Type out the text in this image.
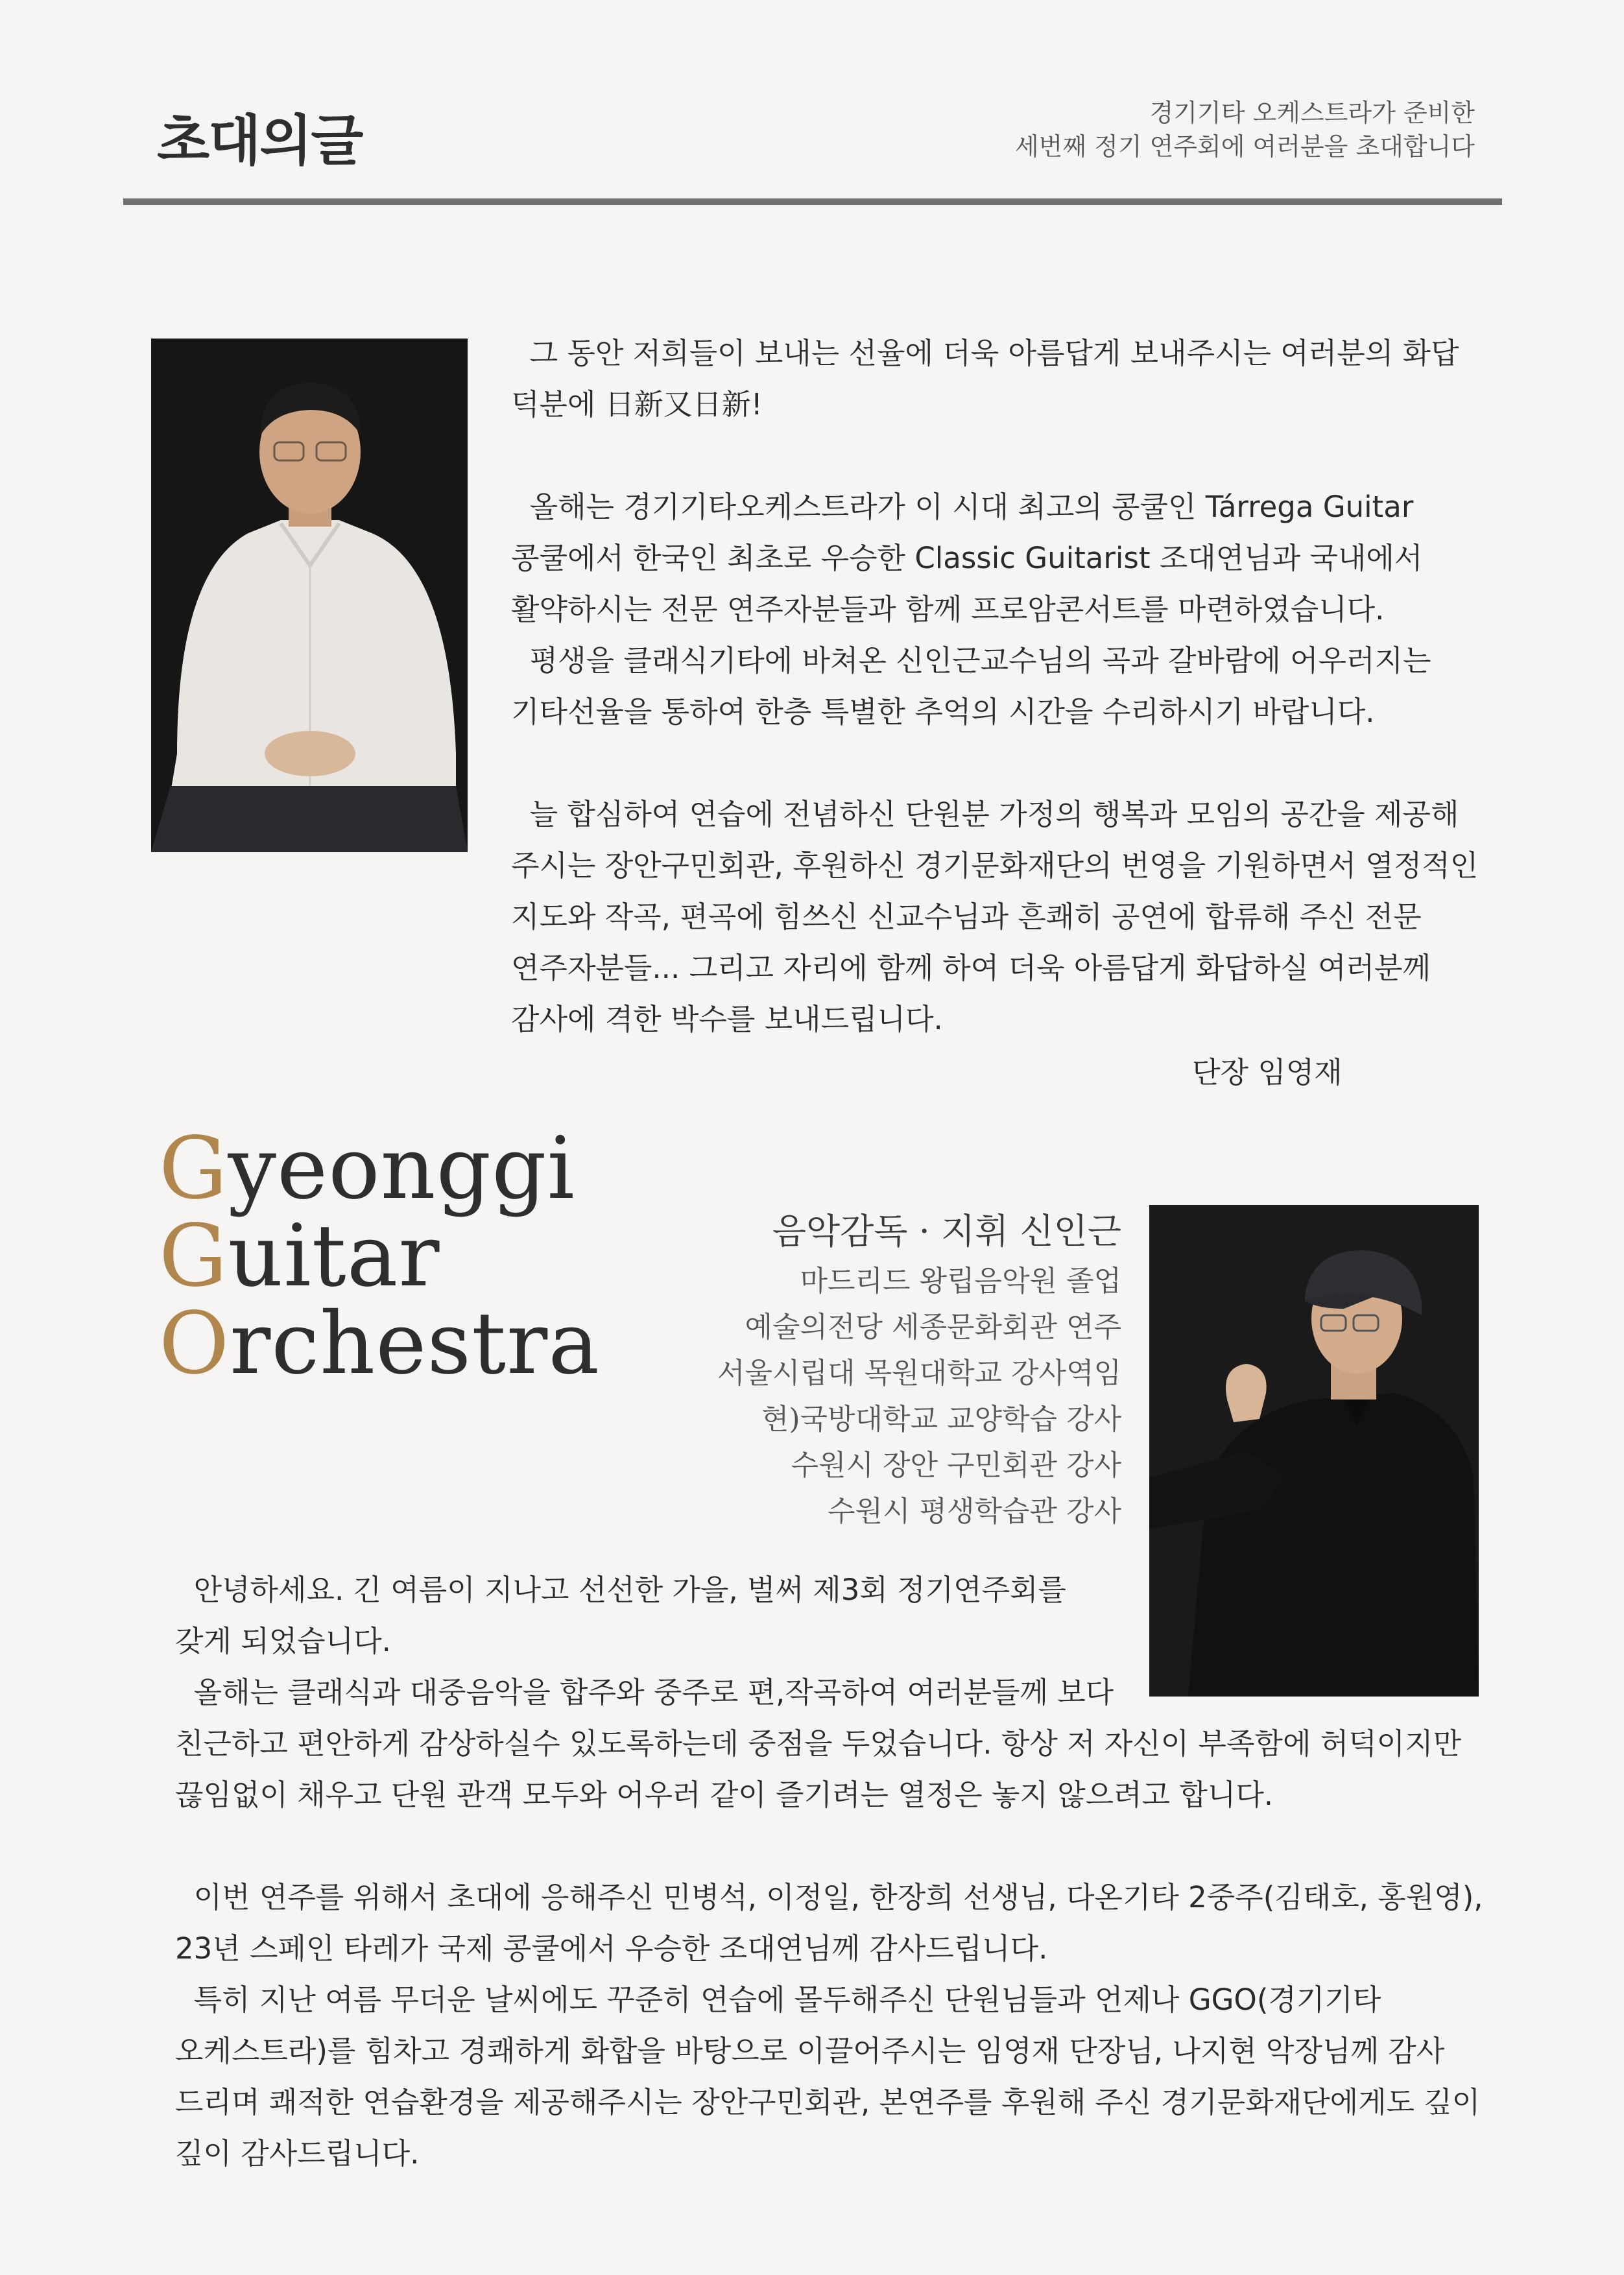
초대의글	경기기타 오케스트라가 준비한
세번째 정기 연주회에 여러분을 초대합니다

그 동안 저희들이 보내는 선율에 더욱 아름답게 보내주시는 여러분의 화답

덕분에 日新又日新!

올해는 경기기타오케스트라가 이 시대 최고의 콩쿨인 Tárrega Guitar

콩쿨에서 한국인 최초로 우승한 Classic Guitarist 조대연님과 국내에서

활약하시는 전문 연주자분들과 함께 프로암콘서트를 마련하였습니다.

평생을 클래식기타에 바쳐온 신인근교수님의 곡과 갈바람에 어우러지는

기타선율을 통하여 한층 특별한 추억의 시간을 수리하시기 바랍니다.

늘 합심하여 연습에 전념하신 단원분 가정의 행복과 모임의 공간을 제공해

주시는 장안구민회관, 후원하신 경기문화재단의 번영을 기원하면서 열정적인

지도와 작곡, 편곡에 힘쓰신 신교수님과 흔쾌히 공연에 합류해 주신 전문

연주자분들... 그리고 자리에 함께 하여 더욱 아름답게 화답하실 여러분께

감사에 격한 박수를 보내드립니다.

단장 임영재
Gyeonggi
Guitar
Orchestra
음악감독 · 지휘 신인근
마드리드 왕립음악원 졸업
예술의전당 세종문화회관 연주
서울시립대 목원대학교 강사역임
현)국방대학교 교양학습 강사
수원시 장안 구민회관 강사
수원시 평생학습관 강사

안녕하세요. 긴 여름이 지나고 선선한 가을, 벌써 제3회 정기연주회를

갖게 되었습니다.

올해는 클래식과 대중음악을 합주와 중주로 편,작곡하여 여러분들께 보다

친근하고 편안하게 감상하실수 있도록하는데 중점을 두었습니다. 항상 저 자신이 부족함에 허덕이지만

끊임없이 채우고 단원 관객 모두와 어우러 같이 즐기려는 열정은 놓지 않으려고 합니다.

이번 연주를 위해서 초대에 응해주신 민병석, 이정일, 한장희 선생님, 다온기타 2중주(김태호, 홍원영),

23년 스페인 타레가 국제 콩쿨에서 우승한 조대연님께 감사드립니다.

특히 지난 여름 무더운 날씨에도 꾸준히 연습에 몰두해주신 단원님들과 언제나 GGO(경기기타

오케스트라)를 힘차고 경쾌하게 화합을 바탕으로 이끌어주시는 임영재 단장님, 나지현 악장님께 감사

드리며 쾌적한 연습환경을 제공해주시는 장안구민회관, 본연주를 후원해 주신 경기문화재단에게도 깊이

깊이 감사드립니다.
